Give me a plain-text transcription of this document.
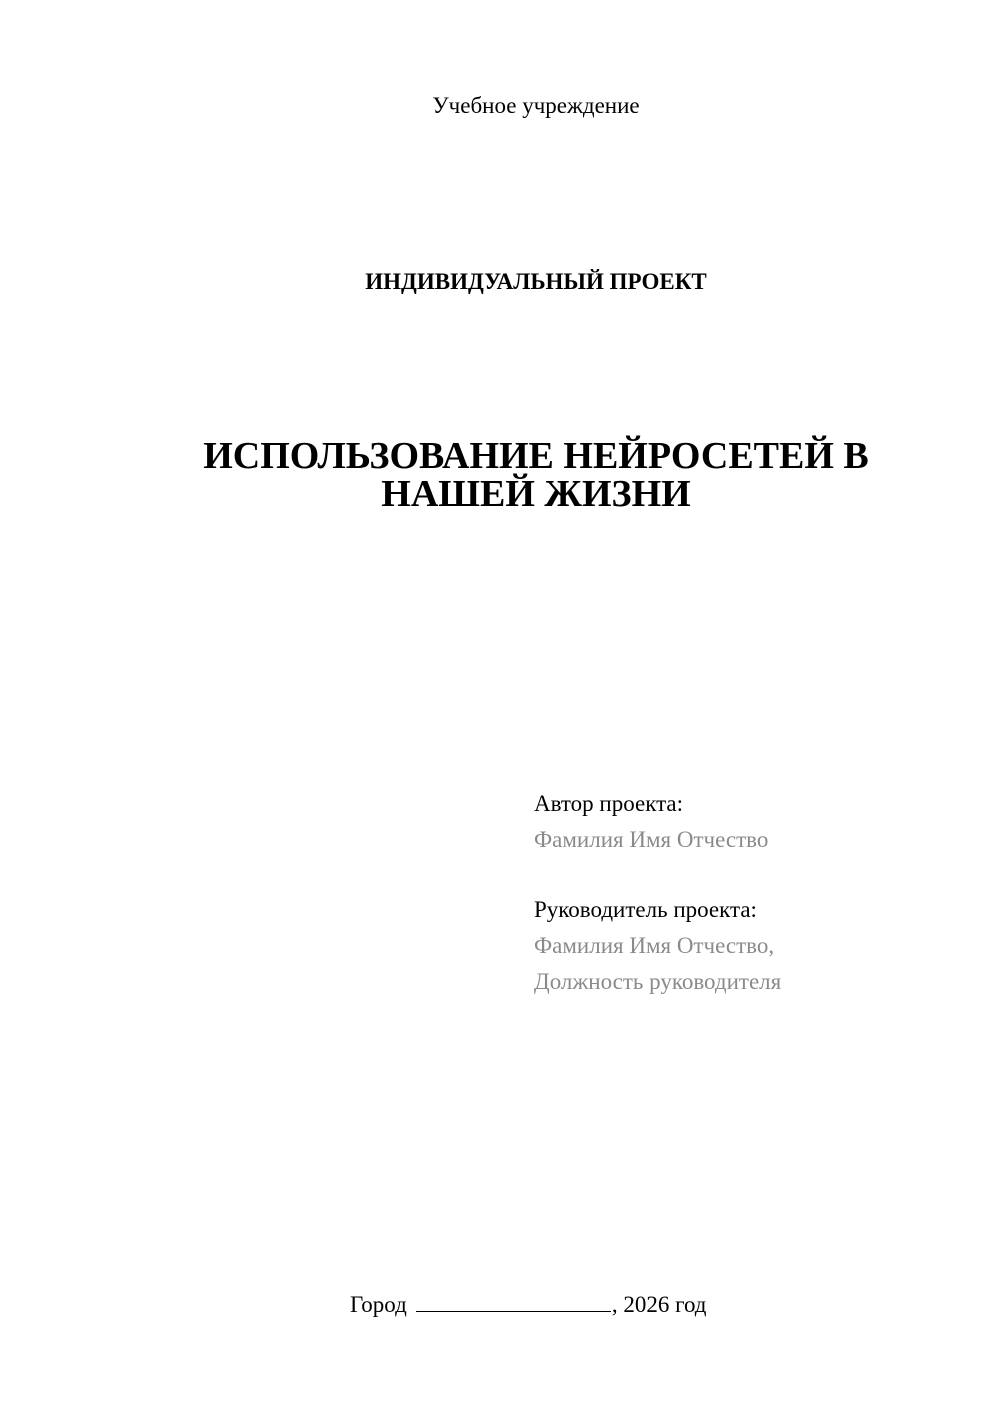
Учебное учреждение
ИНДИВИДУАЛЬНЫЙ ПРОЕКТ
ИСПОЛЬЗОВАНИЕ НЕЙРОСЕТЕЙ В
НАШЕЙ ЖИЗНИ
Автор проекта:
Фамилия Имя Отчество
Руководитель проекта:
Фамилия Имя Отчество,
Должность руководителя
Город	, 2026 год
